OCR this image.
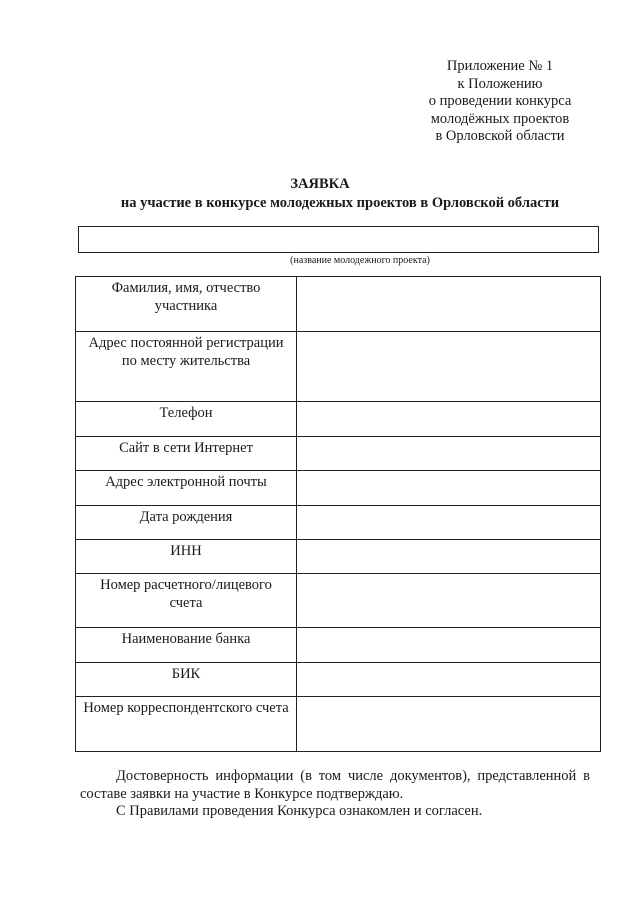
Приложение № 1
к Положению
о проведении конкурса
молодёжных проектов
в Орловской области
ЗАЯВКА
на участие в конкурсе молодежных проектов в Орловской области
(название молодежного проекта)
Фамилия, имя, отчество участника	
Адрес постоянной регистрации по месту жительства	
Телефон	
Сайт в сети Интернет	
Адрес электронной почты	
Дата рождения	
ИНН	
Номер расчетного/лицевого счета	
Наименование банка	
БИК	
Номер корреспондентского счета	

Достоверность информации (в том числе документов), представленной в составе заявки на участие в Конкурсе подтверждаю.

С Правилами проведения Конкурса ознакомлен и согласен.
